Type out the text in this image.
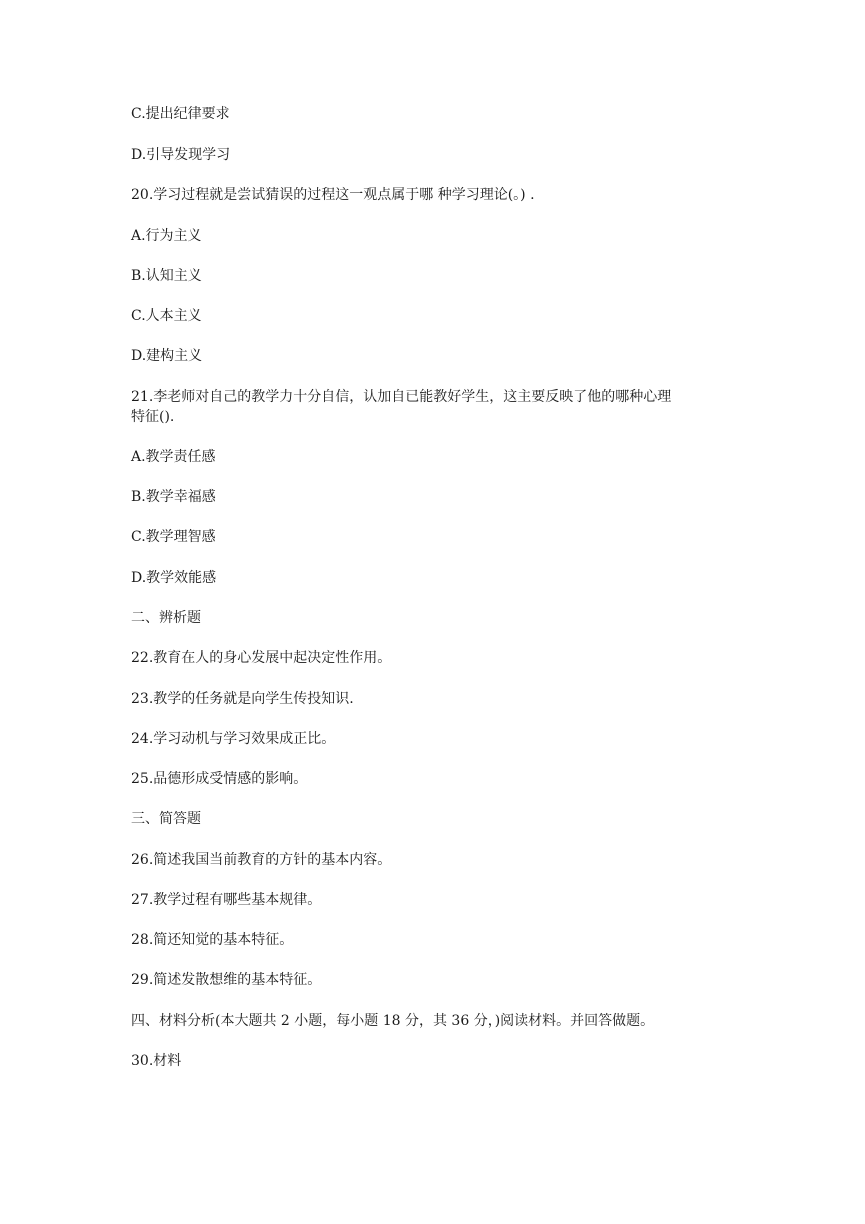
C.提出纪律要求
D.引导发现学习
20.学习过程就是尝试猜误的过程这一观点属于哪 种学习理论(。) .
A.行为主义
B.认知主义
C.人本主义
D.建构主义
21.李老师对自己的教学力十分自信，认加自已能教好学生，这主要反映了他的哪种心理
特征().
A.教学责任感
B.教学幸福感
C.教学理智感
D.教学效能感
二、辨析题
22.教育在人的身心发展中起决定性作用。
23.教学的任务就是向学生传投知识.
24.学习动机与学习效果成正比。
25.品德形成受情感的影响。
三、简答题
26.简述我国当前教育的方针的基本内容。
27.教学过程有哪些基本规律。
28.简还知觉的基本特征。
29.简述发散想维的基本特征。
四、材料分析(本大题共 2 小题，每小题 18 分，其 36 分，)阅读材料。并回答做题。
30.材料
